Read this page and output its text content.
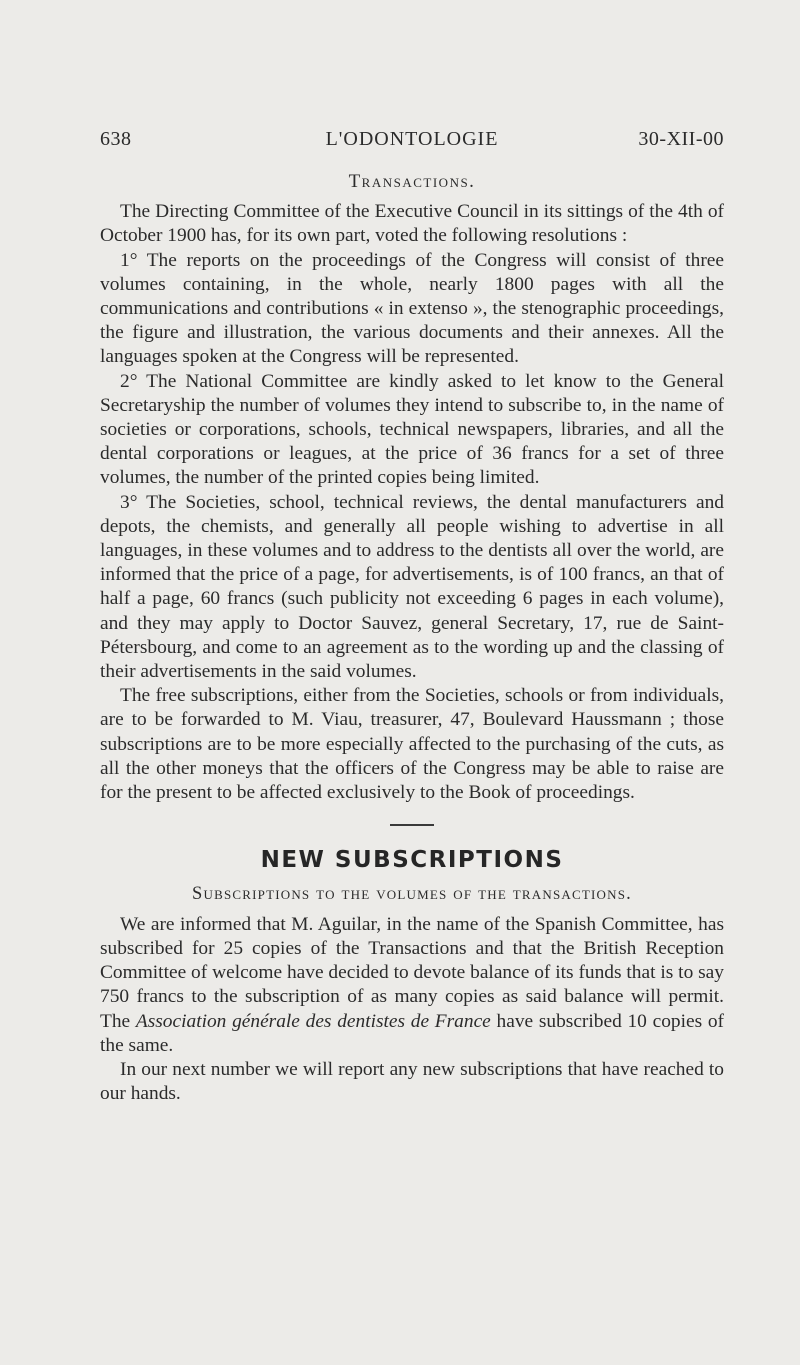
638	L'ODONTOLOGIE	30-XII-00
Transactions.

The Directing Committee of the Executive Council in its sittings of the 4th of October 1900 has, for its own part, voted the following resolutions :

1° The reports on the proceedings of the Congress will consist of three volumes containing, in the whole, nearly 1800 pages with all the communications and contributions « in extenso », the stenographic proceedings, the figure and illustration, the various documents and their annexes. All the languages spoken at the Congress will be represented.

2° The National Committee are kindly asked to let know to the General Secretaryship the number of volumes they intend to subscribe to, in the name of societies or corporations, schools, technical newspapers, libraries, and all the dental corporations or leagues, at the price of 36 francs for a set of three volumes, the number of the printed copies being limited.

3° The Societies, school, technical reviews, the dental manufacturers and depots, the chemists, and generally all people wishing to advertise in all languages, in these volumes and to address to the dentists all over the world, are informed that the price of a page, for advertisements, is of 100 francs, an that of half a page, 60 francs (such publicity not exceeding 6 pages in each volume), and they may apply to Doctor Sauvez, general Secretary, 17, rue de Saint-Pétersbourg, and come to an agreement as to the wording up and the classing of their advertisements in the said volumes.

The free subscriptions, either from the Societies, schools or from individuals, are to be forwarded to M. Viau, treasurer, 47, Boulevard Haussmann ; those subscriptions are to be more especially affected to the purchasing of the cuts, as all the other moneys that the officers of the Congress may be able to raise are for the present to be affected exclusively to the Book of proceedings.

NEW SUBSCRIPTIONS
Subscriptions to the volumes of the transactions.

We are informed that M. Aguilar, in the name of the Spanish Committee, has subscribed for 25 copies of the Transactions and that the British Reception Committee of welcome have decided to devote balance of its funds that is to say 750 francs to the subscription of as many copies as said balance will permit. The Association générale des dentistes de France have subscribed 10 copies of the same.

In our next number we will report any new subscriptions that have reached to our hands.
